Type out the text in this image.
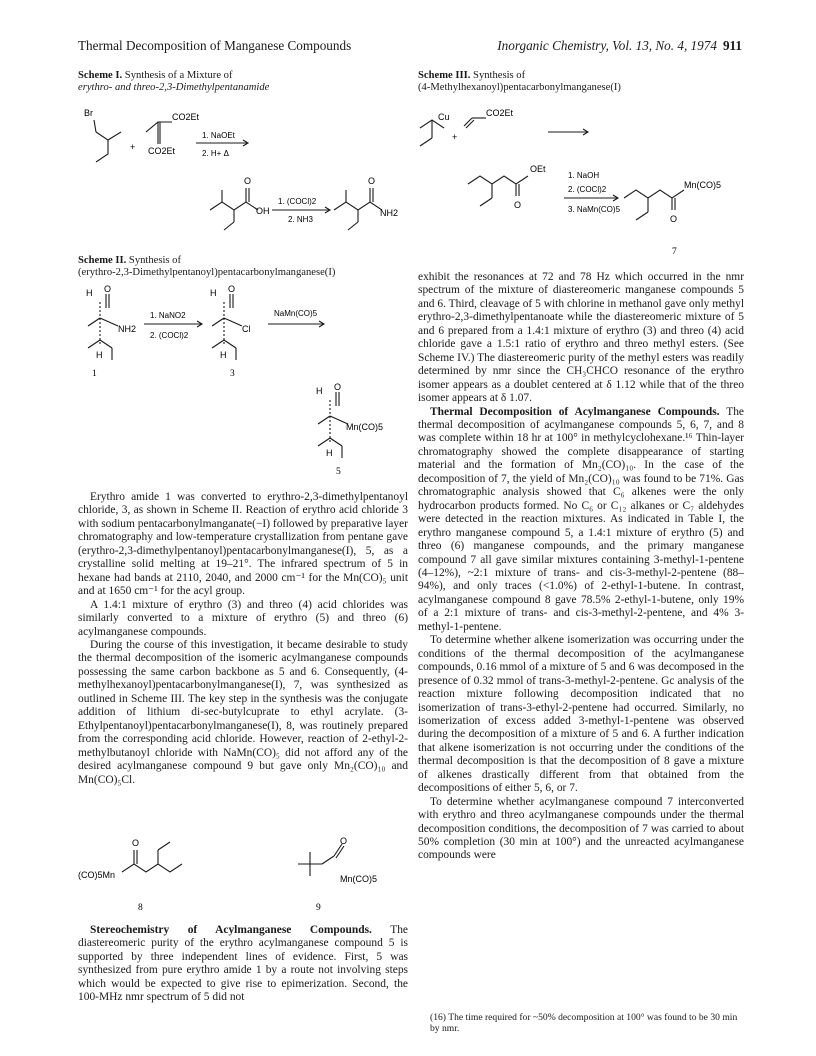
Thermal Decomposition of Manganese Compounds	Inorganic Chemistry, Vol. 13, No. 4, 1974 911
Scheme I. Synthesis of a Mixture of
erythro- and threo-2,3-Dimethylpentanamide
Scheme II. Synthesis of
(erythro-2,3-Dimethylpentanoyl)pentacarbonylmanganese(I)
Scheme III. Synthesis of
(4-Methylhexanoyl)pentacarbonylmanganese(I)
Br
+
CO2Et
CO2Et
1. NaOEt
2. H+ Δ
O
OH
1. (COCl)2
2. NH3
O
NH2
H O
NH2
H
1
1. NaNO2
2. (COCl)2
H O
Cl
H
3
NaMn(CO)5
H O
Mn(CO)5
H
5
Cu
+
CO2Et
OEt
O
1. NaOH
2. (COCl)2
3. NaMn(CO)5
Mn(CO)5
O
7

Erythro amide 1 was converted to erythro-2,3-dimethylpentanoyl chloride, 3, as shown in Scheme II. Reaction of erythro acid chloride 3 with sodium pentacarbonylmanganate(−I) followed by preparative layer chromatography and low-temperature crystallization from pentane gave (erythro-2,3-dimethylpentanoyl)pentacarbonylmanganese(I), 5, as a crystalline solid melting at 19–21°. The infrared spectrum of 5 in hexane had bands at 2110, 2040, and 2000 cm⁻¹ for the Mn(CO)₅ unit and at 1650 cm⁻¹ for the acyl group.

A 1.4:1 mixture of erythro (3) and threo (4) acid chlorides was similarly converted to a mixture of erythro (5) and threo (6) acylmanganese compounds.

During the course of this investigation, it became desirable to study the thermal decomposition of the isomeric acylmanganese compounds possessing the same carbon backbone as 5 and 6. Consequently, (4-methylhexanoyl)pentacarbonylmanganese(I), 7, was synthesized as outlined in Scheme III. The key step in the synthesis was the conjugate addition of lithium di-sec-butylcuprate to ethyl acrylate. (3-Ethylpentanoyl)pentacarbonylmanganese(I), 8, was routinely prepared from the corresponding acid chloride. However, reaction of 2-ethyl-2-methylbutanoyl chloride with NaMn(CO)₅ did not afford any of the desired acylmanganese compound 9 but gave only Mn₂(CO)₁₀ and Mn(CO)₅Cl.

O
(CO)5Mn
8
O
Mn(CO)5
9

Stereochemistry of Acylmanganese Compounds. The diastereomeric purity of the erythro acylmanganese compound 5 is supported by three independent lines of evidence. First, 5 was synthesized from pure erythro amide 1 by a route not involving steps which would be expected to give rise to epimerization. Second, the 100-MHz nmr spectrum of 5 did not

exhibit the resonances at 72 and 78 Hz which occurred in the nmr spectrum of the mixture of diastereomeric manganese compounds 5 and 6. Third, cleavage of 5 with chlorine in methanol gave only methyl erythro-2,3-dimethylpentanoate while the diastereomeric mixture of 5 and 6 prepared from a 1.4:1 mixture of erythro (3) and threo (4) acid chloride gave a 1.5:1 ratio of erythro and threo methyl esters. (See Scheme IV.) The diastereomeric purity of the methyl esters was readily determined by nmr since the CH₃CHCO resonance of the erythro isomer appears as a doublet centered at δ 1.12 while that of the threo isomer appears at δ 1.07.

Thermal Decomposition of Acylmanganese Compounds. The thermal decomposition of acylmanganese compounds 5, 6, 7, and 8 was complete within 18 hr at 100° in methylcyclohexane.¹⁶ Thin-layer chromatography showed the complete disappearance of starting material and the formation of Mn₂(CO)₁₀. In the case of the decomposition of 7, the yield of Mn₂(CO)₁₀ was found to be 71%. Gas chromatographic analysis showed that C₆ alkenes were the only hydrocarbon products formed. No C₆ or C₁₂ alkanes or C₇ aldehydes were detected in the reaction mixtures. As indicated in Table I, the erythro manganese compound 5, a 1.4:1 mixture of erythro (5) and threo (6) manganese compounds, and the primary manganese compound 7 all gave similar mixtures containing 3-methyl-1-pentene (4–12%), ~2:1 mixture of trans- and cis-3-methyl-2-pentene (88–94%), and only traces (<1.0%) of 2-ethyl-1-butene. In contrast, acylmanganese compound 8 gave 78.5% 2-ethyl-1-butene, only 19% of a 2:1 mixture of trans- and cis-3-methyl-2-pentene, and 4% 3-methyl-1-pentene.

To determine whether alkene isomerization was occurring under the conditions of the thermal decomposition of the acylmanganese compounds, 0.16 mmol of a mixture of 5 and 6 was decomposed in the presence of 0.32 mmol of trans-3-methyl-2-pentene. Gc analysis of the reaction mixture following decomposition indicated that no isomerization of trans-3-ethyl-2-pentene had occurred. Similarly, no isomerization of excess added 3-methyl-1-pentene was observed during the decomposition of a mixture of 5 and 6. A further indication that alkene isomerization is not occurring under the conditions of the thermal decomposition is that the decomposition of 8 gave a mixture of alkenes drastically different from that obtained from the decompositions of either 5, 6, or 7.

To determine whether acylmanganese compound 7 interconverted with erythro and threo acylmanganese compounds under the thermal decomposition conditions, the decomposition of 7 was carried to about 50% completion (30 min at 100°) and the unreacted acylmanganese compounds were

(16) The time required for ~50% decomposition at 100° was found to be 30 min by nmr.
